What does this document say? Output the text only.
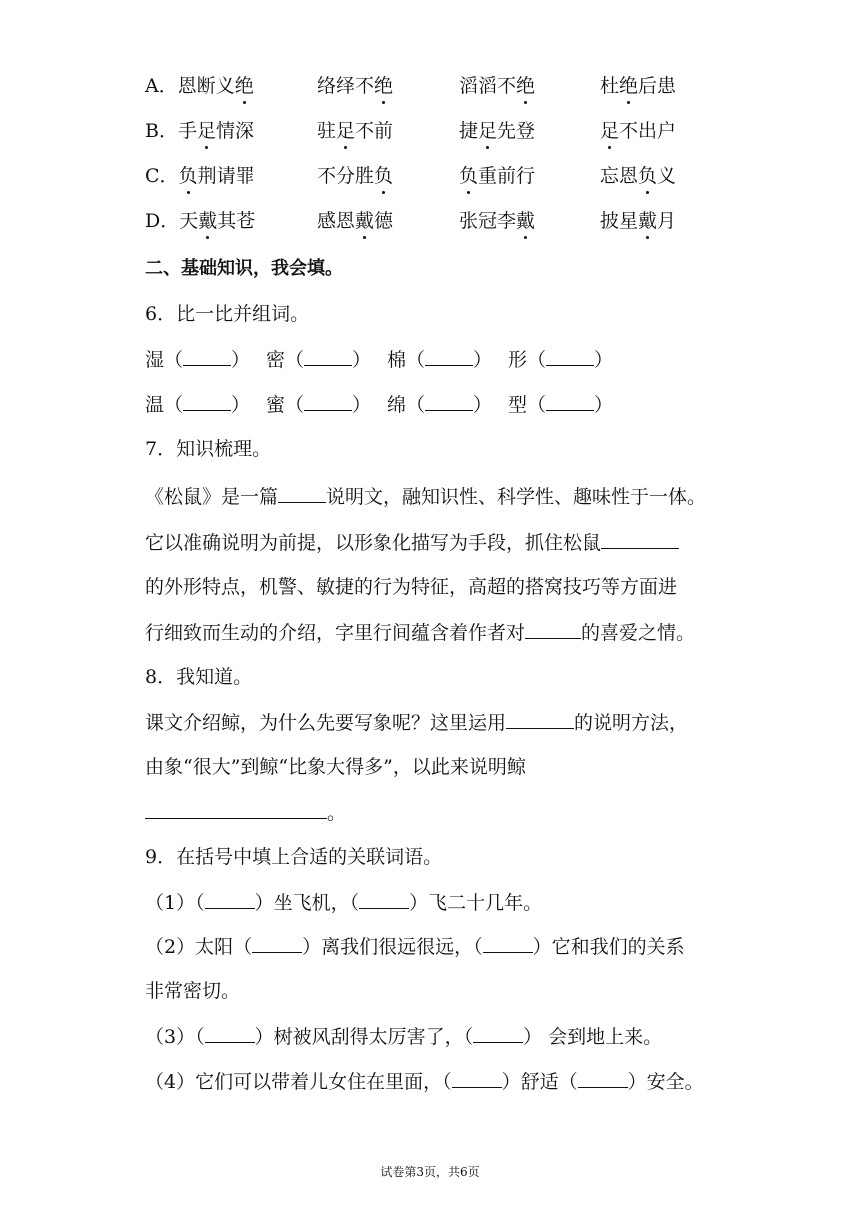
A．恩断义绝	络绎不绝	滔滔不绝	杜绝后患
B．手足情深	驻足不前	捷足先登	足不出户
C．负荆请罪	不分胜负	负重前行	忘恩负义
D．天戴其苍	感恩戴德	张冠李戴	披星戴月
二、基础知识，我会填。
6．比一比并组词。
湿（	） 密（	） 棉（	） 形（	）
温（	） 蜜（	） 绵（	） 型（	）
7．知识梳理。
《松鼠》是一篇	说明文，融知识性、科学性、趣味性于一体。
它以准确说明为前提，以形象化描写为手段，抓住松鼠
的外形特点，机警、敏捷的行为特征，高超的搭窝技巧等方面进
行细致而生动的介绍，字里行间蕴含着作者对	的喜爱之情。
8．我知道。
课文介绍鲸，为什么先要写象呢？这里运用	的说明方法，
由象“很大”到鲸“比象大得多”，以此来说明鲸
。
9．在括号中填上合适的关联词语。
（1）（	）坐飞机，（	）飞二十几年。
（2）太阳（	）离我们很远很远，（	）它和我们的关系
非常密切。
（3）（	）树被风刮得太厉害了，（	） 会到地上来。
（4）它们可以带着儿女住在里面，（	）舒适（	）安全。
试卷第3页，共6页
